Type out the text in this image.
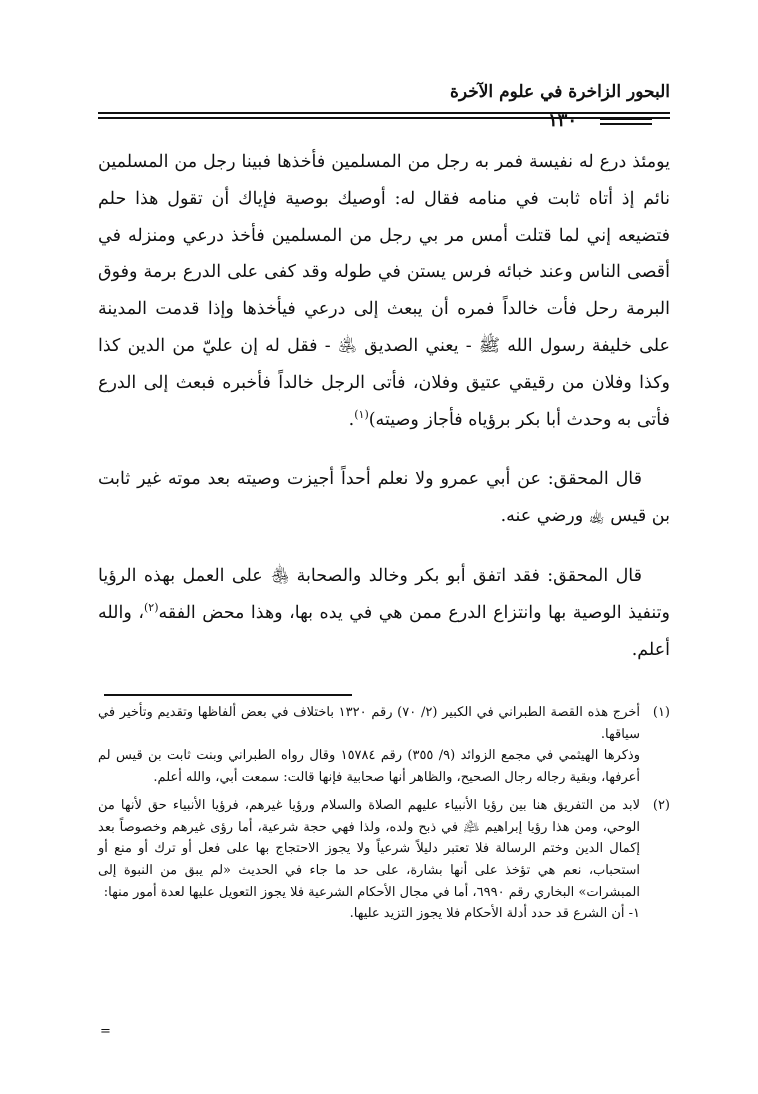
البحور الزاخرة في علوم الآخرة
١٣٠

يومئذ درع له نفيسة فمر به رجل من المسلمين فأخذها فبينا رجل من المسلمين نائم إذ أتاه ثابت في منامه فقال له: أوصيك بوصية فإياك أن تقول هذا حلم فتضيعه إني لما قتلت أمس مر بي رجل من المسلمين فأخذ درعي ومنزله في أقصى الناس وعند خبائه فرس يستن في طوله وقد كفى على الدرع برمة وفوق البرمة رحل فأت خالداً فمره أن يبعث إلى درعي فيأخذها وإذا قدمت المدينة على خليفة رسول الله ﷺ - يعني الصديق ﵁ - فقل له إن عليّ من الدين كذا وكذا وفلان من رقيقي عتيق وفلان، فأتى الرجل خالداً فأخبره فبعث إلى الدرع فأتى به وحدث أبا بكر برؤياه فأجاز وصيته)$^{(١)}$.

قال المحقق: عن أبي عمرو ولا نعلم أحداً أجيزت وصيته بعد موته غير ثابت بن قيس ﵀ ورضي عنه.

قال المحقق: فقد اتفق أبو بكر وخالد والصحابة ﵃ على العمل بهذه الرؤيا وتنفيذ الوصية بها وانتزاع الدرع ممن هي في يده بها، وهذا محض الفقه$^{(٢)}$، والله أعلم.

(١)

أخرج هذه القصة الطبراني في الكبير (٢/ ٧٠) رقم ١٣٢٠ باختلاف في بعض ألفاظها وتقديم وتأخير في سياقها.

وذكرها الهيثمي في مجمع الزوائد (٩/ ٣٥٥) رقم ١٥٧٨٤ وقال رواه الطبراني وبنت ثابت بن قيس لم أعرفها، وبقية رجاله رجال الصحيح، والظاهر أنها صحابية فإنها قالت: سمعت أبي، والله أعلم.

(٢)

لابد من التفريق هنا بين رؤيا الأنبياء عليهم الصلاة والسلام ورؤيا غيرهم، فرؤيا الأنبياء حق لأنها من الوحي، ومن هذا رؤيا إبراهيم ﵇ في ذبح ولده، ولذا فهي حجة شرعية، أما رؤى غيرهم وخصوصاً بعد إكمال الدين وختم الرسالة فلا تعتبر دليلاً شرعياً ولا يجوز الاحتجاج بها على فعل أو ترك أو منع أو استحباب، نعم هي تؤخذ على أنها بشارة، على حد ما جاء في الحديث «لم يبق من النبوة إلى المبشرات» البخاري رقم ٦٩٩٠، أما في مجال الأحكام الشرعية فلا يجوز التعويل عليها لعدة أمور منها:

١- أن الشرع قد حدد أدلة الأحكام فلا يجوز التزيد عليها.

=
